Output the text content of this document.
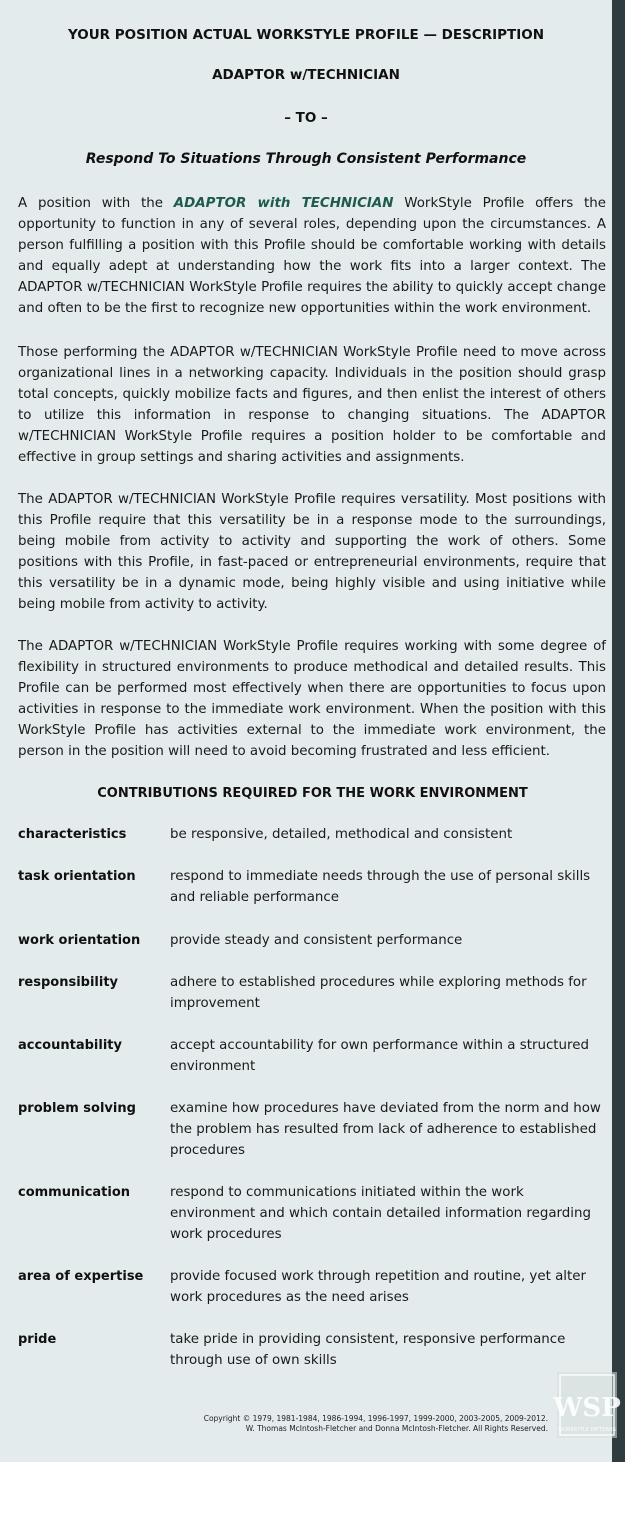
YOUR POSITION ACTUAL WORKSTYLE PROFILE — DESCRIPTION
ADAPTOR w/TECHNICIAN
– TO –
Respond To Situations Through Consistent Performance
A position with the ADAPTOR with TECHNICIAN WorkStyle Profile offers the opportunity to function in any of several roles, depending upon the circumstances. A person fulfilling a position with this Profile should be comfortable working with details and equally adept at understanding how the work fits into a larger context. The ADAPTOR w/TECHNICIAN WorkStyle Profile requires the ability to quickly accept change and often to be the first to recognize new opportunities within the work environment.
Those performing the ADAPTOR w/TECHNICIAN WorkStyle Profile need to move across organizational lines in a networking capacity. Individuals in the position should grasp total concepts, quickly mobilize facts and figures, and then enlist the interest of others to utilize this information in response to changing situations. The ADAPTOR w/TECHNICIAN WorkStyle Profile requires a position holder to be comfortable and effective in group settings and sharing activities and assignments.
The ADAPTOR w/TECHNICIAN WorkStyle Profile requires versatility. Most positions with this Profile require that this versatility be in a response mode to the surroundings, being mobile from activity to activity and supporting the work of others. Some positions with this Profile, in fast-paced or entrepreneurial environments, require that this versatility be in a dynamic mode, being highly visible and using initiative while being mobile from activity to activity.
The ADAPTOR w/TECHNICIAN WorkStyle Profile requires working with some degree of flexibility in structured environments to produce methodical and detailed results. This Profile can be performed most effectively when there are opportunities to focus upon activities in response to the immediate work environment. When the position with this WorkStyle Profile has activities external to the immediate work environment, the person in the position will need to avoid becoming frustrated and less efficient.
CONTRIBUTIONS REQUIRED FOR THE WORK ENVIRONMENT
characteristics	be responsive, detailed, methodical and consistent
task orientation	respond to immediate needs through the use of personal skills and reliable performance
work orientation	provide steady and consistent performance
responsibility	adhere to established procedures while exploring methods for improvement
accountability	accept accountability for own performance within a structured environment
problem solving	examine how procedures have deviated from the norm and how the problem has resulted from lack of adherence to established procedures
communication	respond to communications initiated within the work environment and which contain detailed information regarding work procedures
area of expertise	provide focused work through repetition and routine, yet alter work procedures as the need arises
pride	take pride in providing consistent, responsive performance through use of own skills
Copyright © 1979, 1981-1984, 1986-1994, 1996-1997, 1999-2000, 2003-2005, 2009-2012.
W. Thomas McIntosh-Fletcher and Donna McIntosh-Fletcher. All Rights Reserved.
WSP
WORKSTYLE PATTERNS
